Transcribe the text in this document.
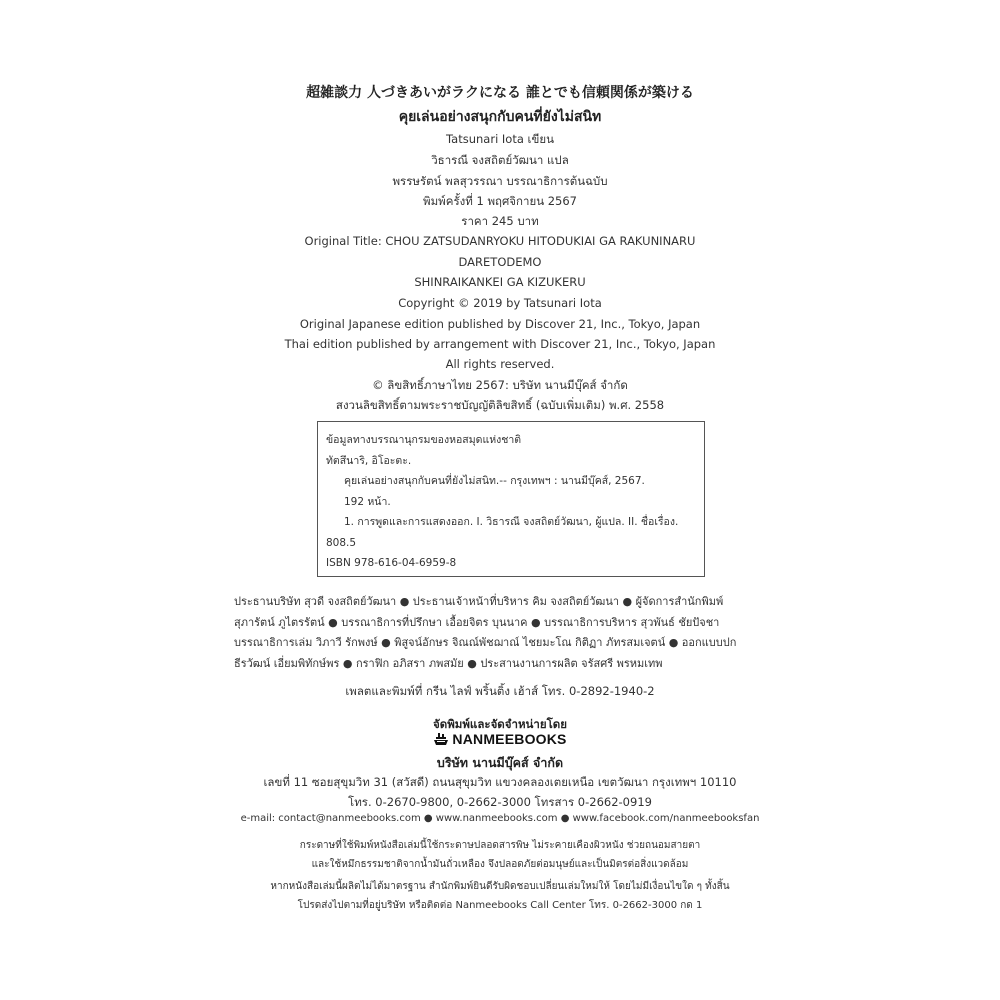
超雑談力 人づきあいがラクになる 誰とでも信頼関係が築ける
คุยเล่นอย่างสนุกกับคนที่ยังไม่สนิท
Tatsunari Iota เขียน
วิธารณี จงสถิตย์วัฒนา แปล
พรรษรัตน์ พลสุวรรณา บรรณาธิการต้นฉบับ
พิมพ์ครั้งที่ 1 พฤศจิกายน 2567
ราคา 245 บาท
Original Title: CHOU ZATSUDANRYOKU HITODUKIAI GA RAKUNINARU
DARETODEMO
SHINRAIKANKEI GA KIZUKERU
Copyright © 2019 by Tatsunari Iota
Original Japanese edition published by Discover 21, Inc., Tokyo, Japan
Thai edition published by arrangement with Discover 21, Inc., Tokyo, Japan
All rights reserved.
© ลิขสิทธิ์ภาษาไทย 2567: บริษัท นานมีบุ๊คส์ จำกัด
สงวนลิขสิทธิ์ตามพระราชบัญญัติลิขสิทธิ์ (ฉบับเพิ่มเติม) พ.ศ. 2558
ข้อมูลทางบรรณานุกรมของหอสมุดแห่งชาติ
ทัตสึนาริ, อิโอะตะ.
คุยเล่นอย่างสนุกกับคนที่ยังไม่สนิท.-- กรุงเทพฯ : นานมีบุ๊คส์, 2567.
192 หน้า.
1. การพูดและการแสดงออก. I. วิธารณี จงสถิตย์วัฒนา, ผู้แปล. II. ชื่อเรื่อง.
808.5
ISBN 978-616-04-6959-8
ประธานบริษัท สุวดี จงสถิตย์วัฒนา ● ประธานเจ้าหน้าที่บริหาร คิม จงสถิตย์วัฒนา ● ผู้จัดการสำนักพิมพ์
สุภารัตน์ ภูไตรรัตน์ ● บรรณาธิการที่ปรึกษา เอื้อยจิตร บุนนาค ● บรรณาธิการบริหาร สุวพันธ์ ชัยปัจชา
บรรณาธิการเล่ม วิภาวี รักพงษ์ ● พิสูจน์อักษร จิณณ์พัชฌาณ์ ไชยมะโณ กิติฏา ภัทรสมเจตน์ ● ออกแบบปก
ธีรวัฒน์ เอี่ยมพิทักษ์พร ● กราฟิก อภิสรา ภพสมัย ● ประสานงานการผลิต จรัสศรี พรหมเทพ
เพลตและพิมพ์ที่ กรีน ไลฟ์ พริ้นติ้ง เฮ้าส์ โทร. 0-2892-1940-2
จัดพิมพ์และจัดจำหน่ายโดย
NANMEEBOOKS
บริษัท นานมีบุ๊คส์ จำกัด
เลขที่ 11 ซอยสุขุมวิท 31 (สวัสดี) ถนนสุขุมวิท แขวงคลองเตยเหนือ เขตวัฒนา กรุงเทพฯ 10110
โทร. 0-2670-9800, 0-2662-3000 โทรสาร 0-2662-0919
e-mail: contact@nanmeebooks.com ● www.nanmeebooks.com ● www.facebook.com/nanmeebooksfan
กระดาษที่ใช้พิมพ์หนังสือเล่มนี้ใช้กระดาษปลอดสารพิษ ไม่ระคายเคืองผิวหนัง ช่วยถนอมสายตา
และใช้หมึกธรรมชาติจากน้ำมันถั่วเหลือง จึงปลอดภัยต่อมนุษย์และเป็นมิตรต่อสิ่งแวดล้อม
หากหนังสือเล่มนี้ผลิตไม่ได้มาตรฐาน สำนักพิมพ์ยินดีรับผิดชอบเปลี่ยนเล่มใหม่ให้ โดยไม่มีเงื่อนไขใด ๆ ทั้งสิ้น
โปรดส่งไปตามที่อยู่บริษัท หรือติดต่อ Nanmeebooks Call Center โทร. 0-2662-3000 กด 1
